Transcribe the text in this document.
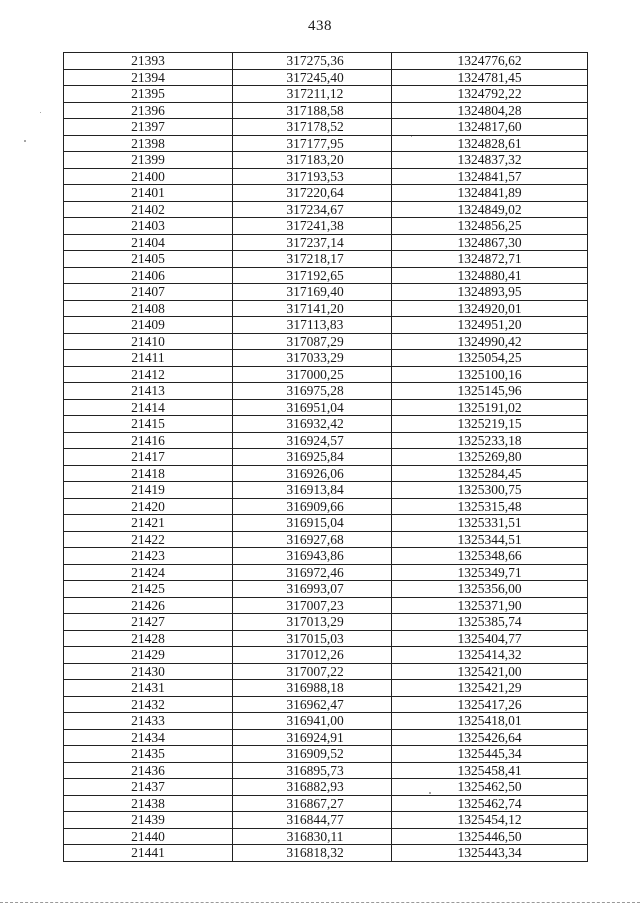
438
21393	317275,36	1324776,62
21394	317245,40	1324781,45
21395	317211,12	1324792,22
21396	317188,58	1324804,28
21397	317178,52	1324817,60
21398	317177,95	1324828,61
21399	317183,20	1324837,32
21400	317193,53	1324841,57
21401	317220,64	1324841,89
21402	317234,67	1324849,02
21403	317241,38	1324856,25
21404	317237,14	1324867,30
21405	317218,17	1324872,71
21406	317192,65	1324880,41
21407	317169,40	1324893,95
21408	317141,20	1324920,01
21409	317113,83	1324951,20
21410	317087,29	1324990,42
21411	317033,29	1325054,25
21412	317000,25	1325100,16
21413	316975,28	1325145,96
21414	316951,04	1325191,02
21415	316932,42	1325219,15
21416	316924,57	1325233,18
21417	316925,84	1325269,80
21418	316926,06	1325284,45
21419	316913,84	1325300,75
21420	316909,66	1325315,48
21421	316915,04	1325331,51
21422	316927,68	1325344,51
21423	316943,86	1325348,66
21424	316972,46	1325349,71
21425	316993,07	1325356,00
21426	317007,23	1325371,90
21427	317013,29	1325385,74
21428	317015,03	1325404,77
21429	317012,26	1325414,32
21430	317007,22	1325421,00
21431	316988,18	1325421,29
21432	316962,47	1325417,26
21433	316941,00	1325418,01
21434	316924,91	1325426,64
21435	316909,52	1325445,34
21436	316895,73	1325458,41
21437	316882,93	1325462,50
21438	316867,27	1325462,74
21439	316844,77	1325454,12
21440	316830,11	1325446,50
21441	316818,32	1325443,34
